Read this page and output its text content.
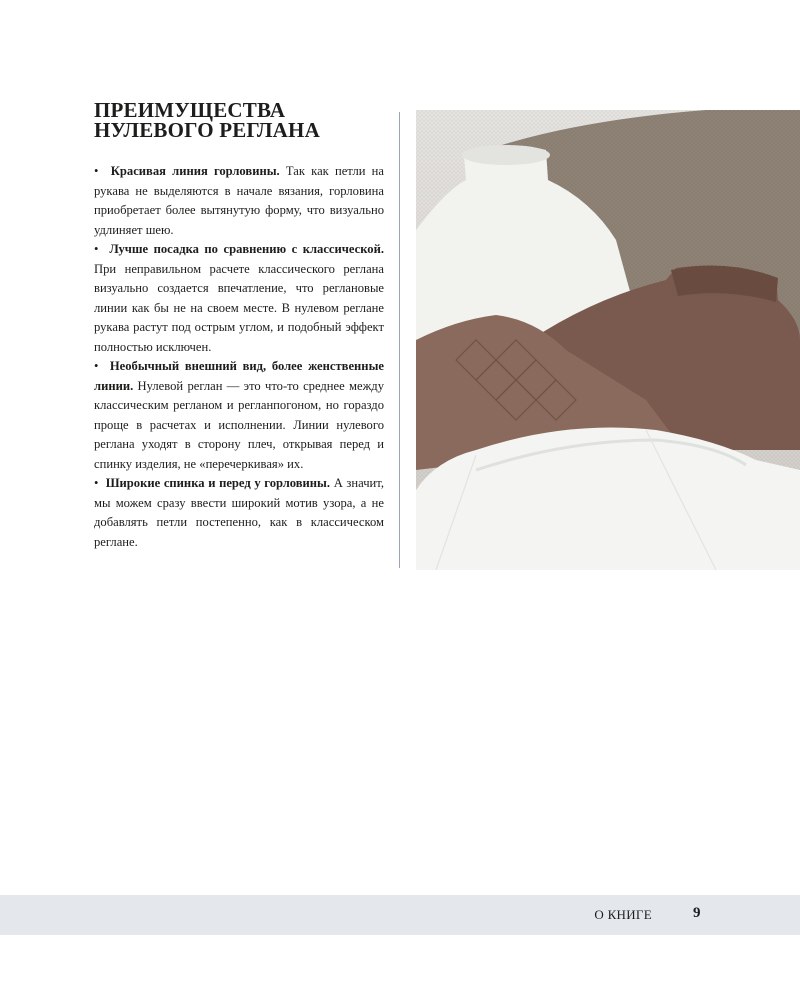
ПРЕИМУЩЕСТВА
НУЛЕВОГО РЕГЛАНА

• Красивая линия горловины. Так как петли на рукава не выделяются в начале вязания, горловина приобретает более вытянутую форму, что визуально удлиняет шею.

• Лучше посадка по сравнению с классической. При неправильном расчете классического реглана визуально создается впечатление, что реглановые линии как бы не на своем месте. В нулевом реглане рукава растут под острым углом, и подобный эффект полностью исключен.

• Необычный внешний вид, более женственные линии. Нулевой реглан — это что-то среднее между классическим регланом и регланпогоном, но гораздо проще в расчетах и исполнении. Линии нулевого реглана уходят в сторону плеч, открывая перед и спинку изделия, не «перечеркивая» их.

• Широкие спинка и перед у горловины. А значит, мы можем сразу ввести широкий мотив узора, а не добавлять петли постепенно, как в классическом реглане.

О КНИГЕ	9
